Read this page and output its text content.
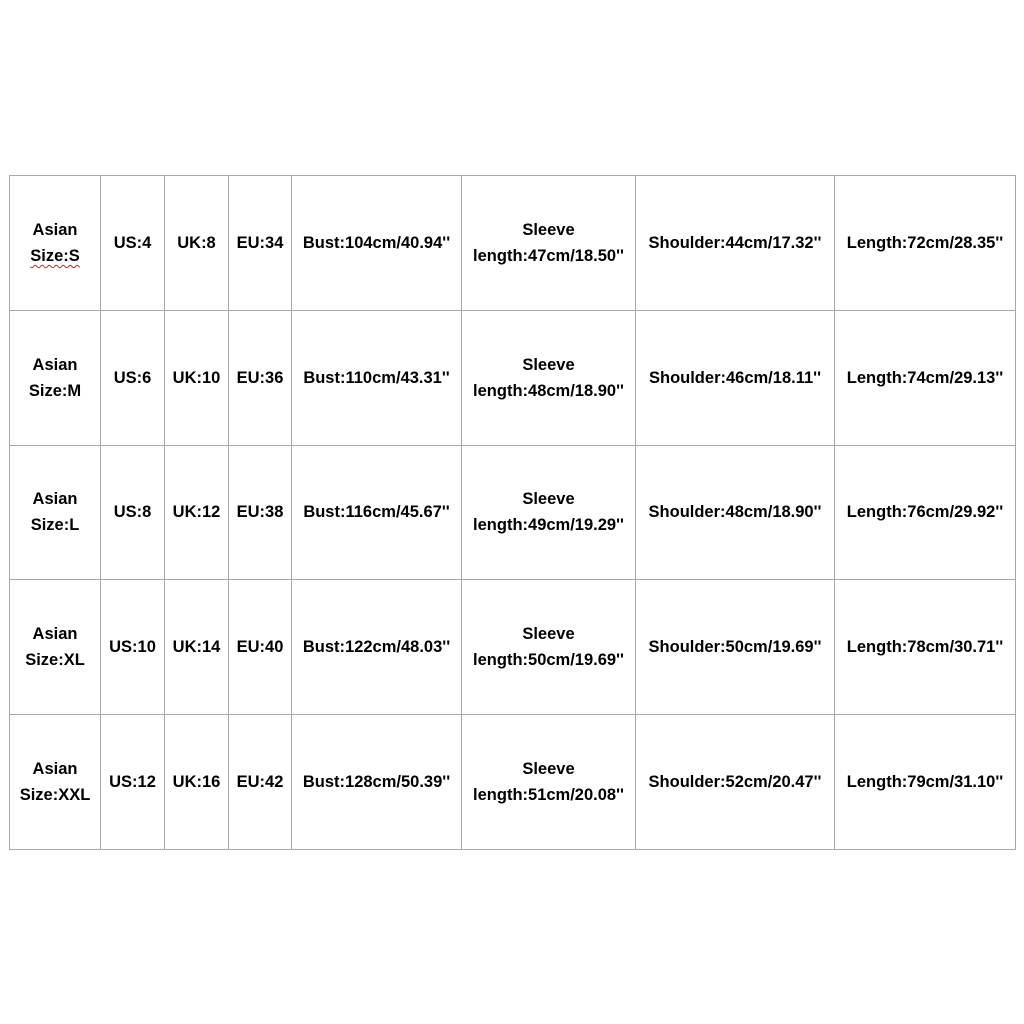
Asian
Size:S	US:4	UK:8	EU:34	Bust:104cm/40.94''	Sleeve
length:47cm/18.50''	Shoulder:44cm/17.32''	Length:72cm/28.35''

Asian
Size:M	US:6	UK:10	EU:36	Bust:110cm/43.31''	Sleeve
length:48cm/18.90''	Shoulder:46cm/18.11''	Length:74cm/29.13''

Asian
Size:L	US:8	UK:12	EU:38	Bust:116cm/45.67''	Sleeve
length:49cm/19.29''	Shoulder:48cm/18.90''	Length:76cm/29.92''

Asian
Size:XL	US:10	UK:14	EU:40	Bust:122cm/48.03''	Sleeve
length:50cm/19.69''	Shoulder:50cm/19.69''	Length:78cm/30.71''

Asian
Size:XXL	US:12	UK:16	EU:42	Bust:128cm/50.39''	Sleeve
length:51cm/20.08''	Shoulder:52cm/20.47''	Length:79cm/31.10''
